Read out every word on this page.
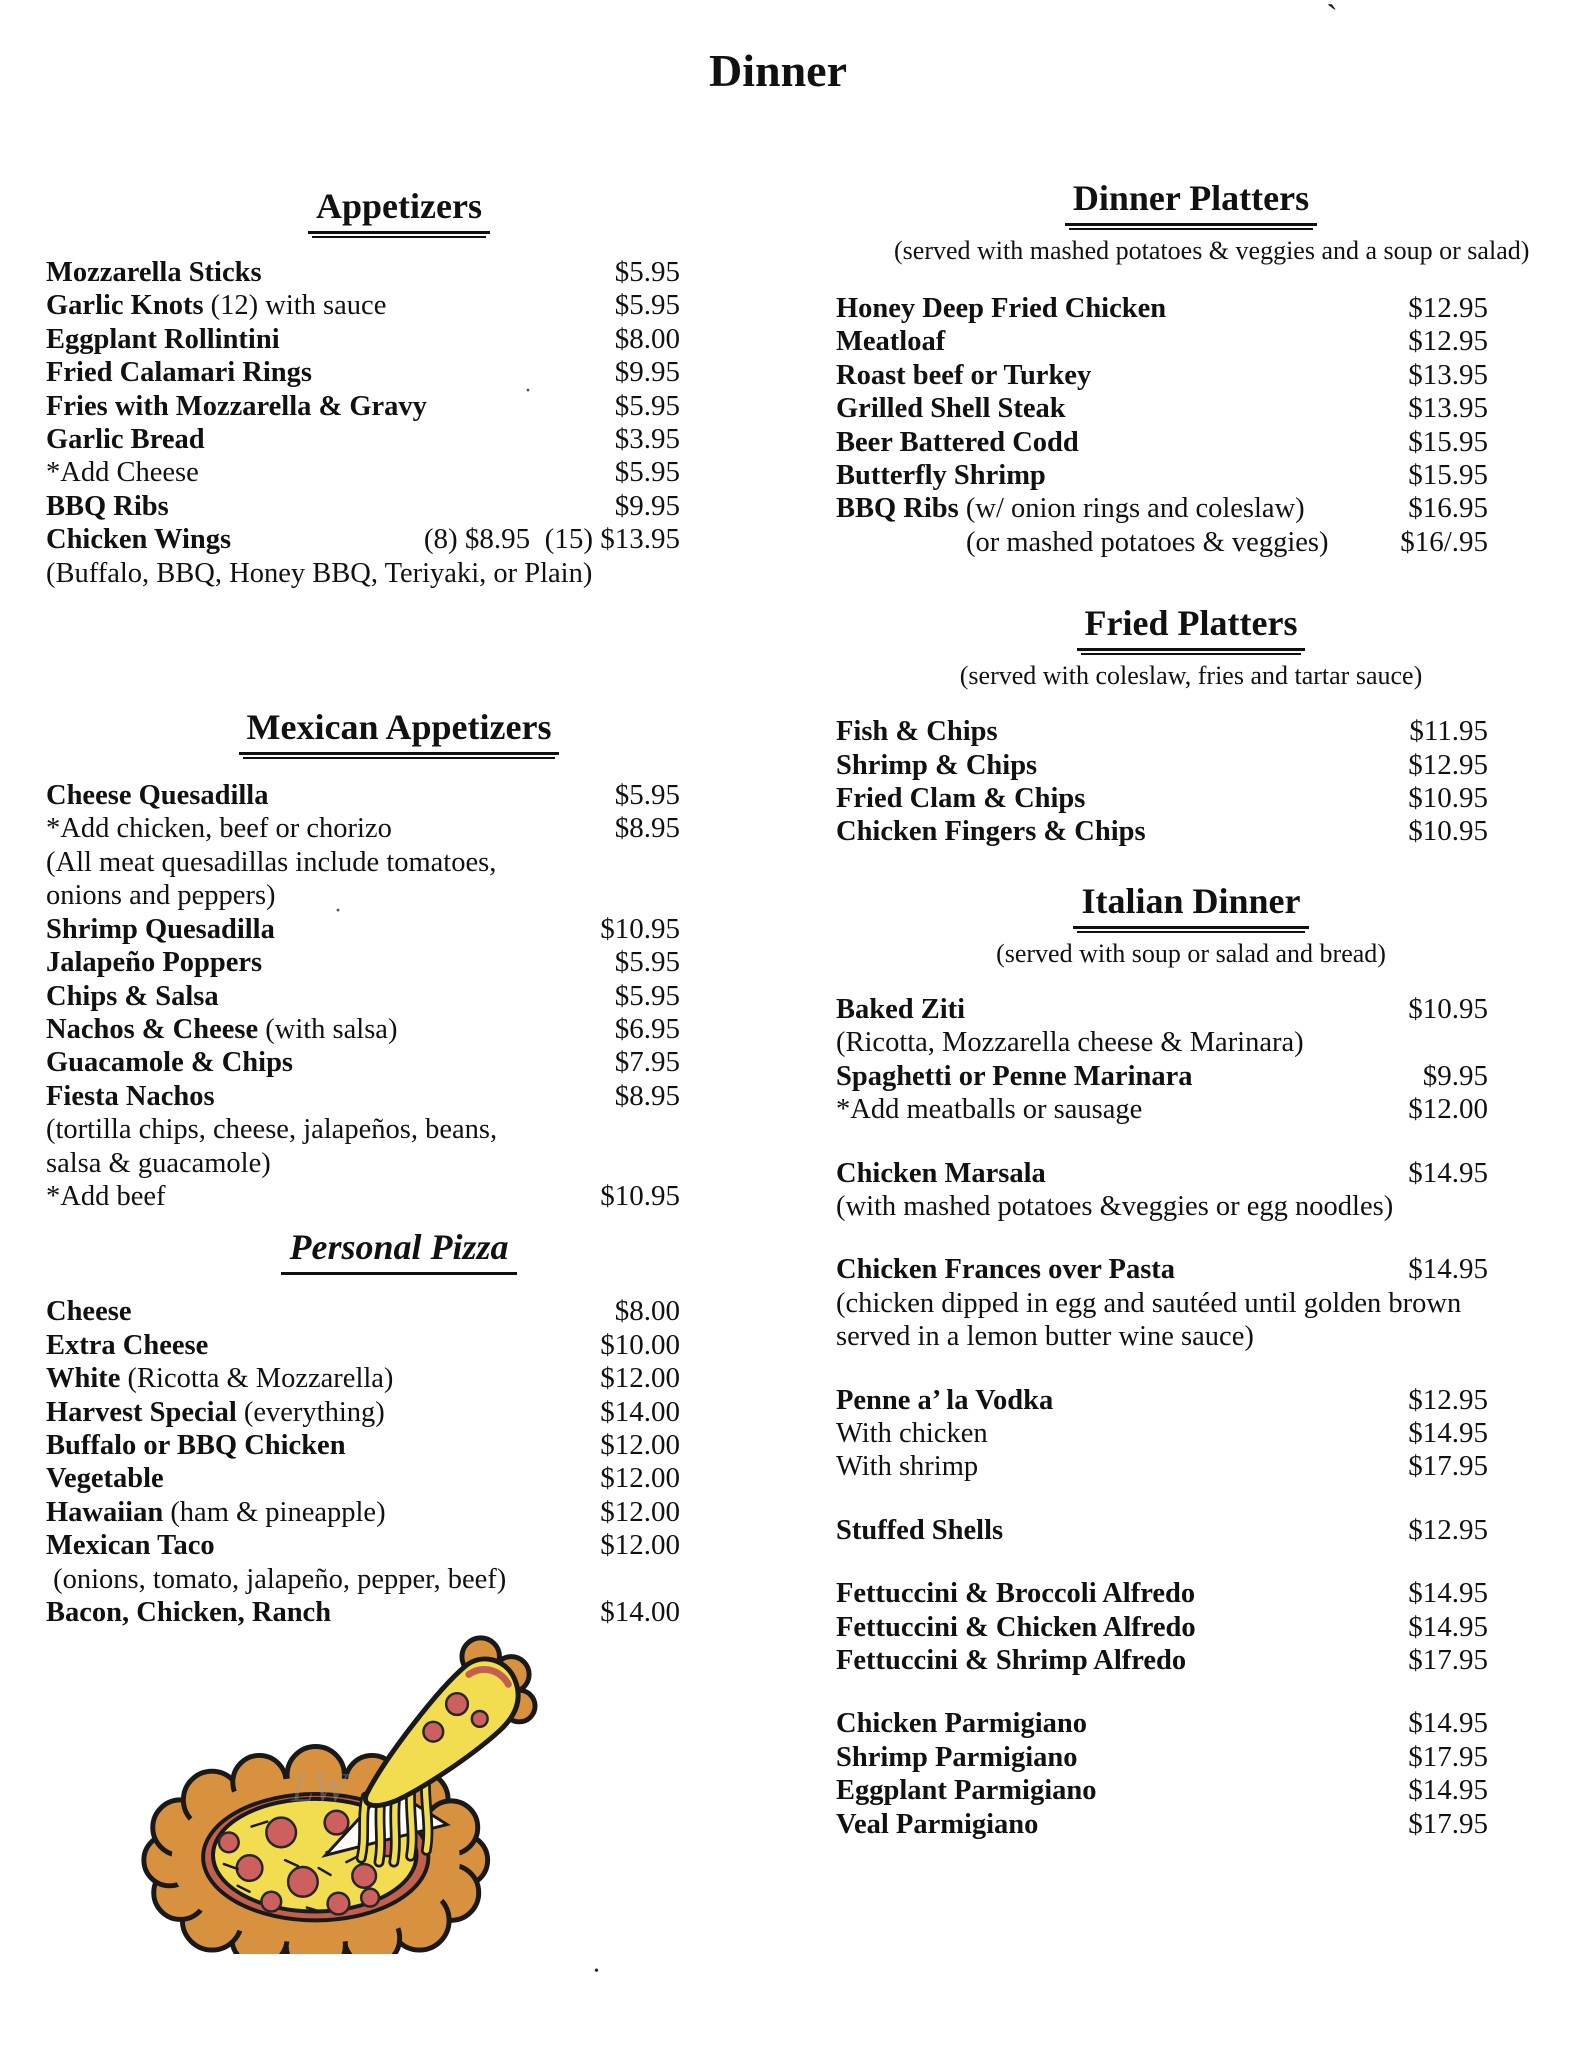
Dinner
Appetizers
Mozzarella Sticks	$5.95
Garlic Knots (12) with sauce	$5.95
Eggplant Rollintini	$8.00
Fried Calamari Rings	$9.95
Fries with Mozzarella & Gravy	$5.95
Garlic Bread	$3.95
*Add Cheese	$5.95
BBQ Ribs	$9.95
Chicken Wings	(8) $8.95  (15) $13.95
(Buffalo, BBQ, Honey BBQ, Teriyaki, or Plain)
Mexican Appetizers
Cheese Quesadilla	$5.95
*Add chicken, beef or chorizo	$8.95
(All meat quesadillas include tomatoes,
onions and peppers)
Shrimp Quesadilla	$10.95
Jalapeño Poppers	$5.95
Chips & Salsa	$5.95
Nachos & Cheese (with salsa)	$6.95
Guacamole & Chips	$7.95
Fiesta Nachos	$8.95
(tortilla chips, cheese, jalapeños, beans,
salsa & guacamole)
*Add beef	$10.95
Personal Pizza
Cheese	$8.00
Extra Cheese	$10.00
White (Ricotta & Mozzarella)	$12.00
Harvest Special (everything)	$14.00
Buffalo or BBQ Chicken	$12.00
Vegetable	$12.00
Hawaiian (ham & pineapple)	$12.00
Mexican Taco	$12.00
(onions, tomato, jalapeño, pepper, beef)
Bacon, Chicken, Ranch	$14.00
Dinner Platters
(served with mashed potatoes & veggies and a soup or salad)
Honey Deep Fried Chicken	$12.95
Meatloaf	$12.95
Roast beef or Turkey	$13.95
Grilled Shell Steak	$13.95
Beer Battered Codd	$15.95
Butterfly Shrimp	$15.95
BBQ Ribs (w/ onion rings and coleslaw)	$16.95
(or mashed potatoes & veggies) $16/.95
Fried Platters
(served with coleslaw, fries and tartar sauce)
Fish & Chips	$11.95
Shrimp & Chips	$12.95
Fried Clam & Chips	$10.95
Chicken Fingers & Chips	$10.95
Italian Dinner
(served with soup or salad and bread)
Baked Ziti	$10.95
(Ricotta, Mozzarella cheese & Marinara)
Spaghetti or Penne Marinara	$9.95
*Add meatballs or sausage	$12.00
Chicken Marsala	$14.95
(with mashed potatoes &veggies or egg noodles)
Chicken Frances over Pasta	$14.95
(chicken dipped in egg and sautéed until golden brown
served in a lemon butter wine sauce)
Penne a’ la Vodka	$12.95
With chicken	$14.95
With shrimp	$17.95
Stuffed Shells	$12.95
Fettuccini & Broccoli Alfredo	$14.95
Fettuccini & Chicken Alfredo	$14.95
Fettuccini & Shrimp Alfredo	$17.95
Chicken Parmigiano	$14.95
Shrimp Parmigiano	$17.95
Eggplant Parmigiano	$14.95
Veal Parmigiano	$17.95
LW
`
·
·
•
